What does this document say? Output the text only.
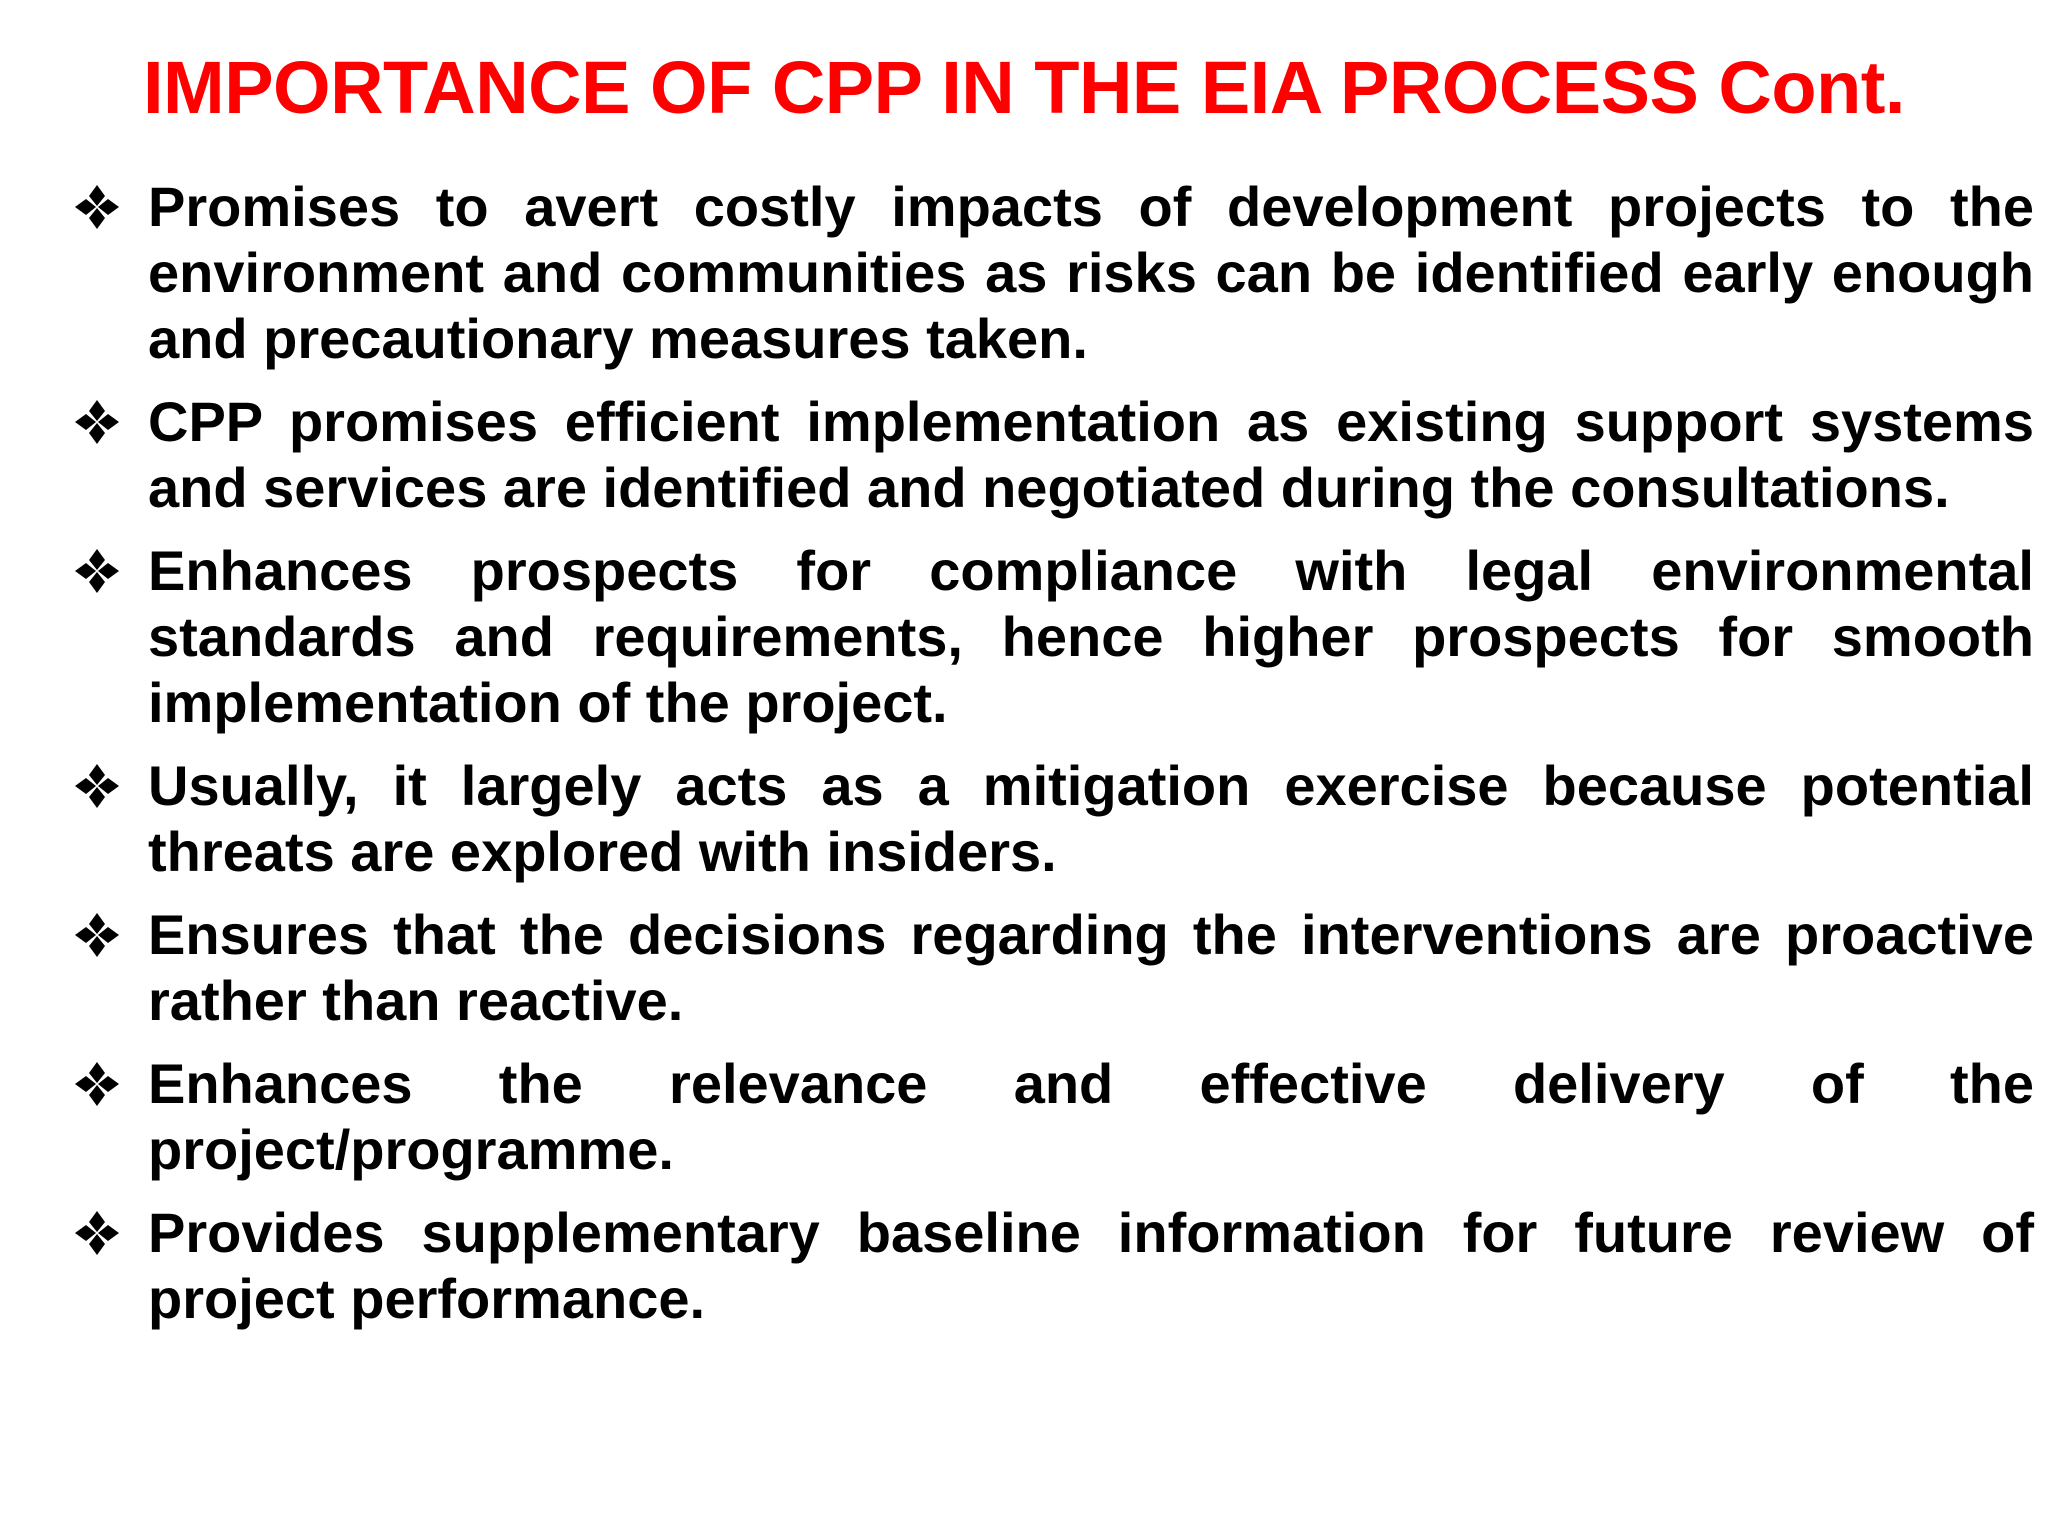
IMPORTANCE OF CPP IN THE EIA PROCESS Cont.
Promises to avert costly impacts of development projects to the environment and communities as risks can be identified early enough and precautionary measures taken.
CPP promises efficient implementation as existing support systems and services are identified and negotiated during the consultations.
Enhances prospects for compliance with legal environmental standards and requirements, hence higher prospects for smooth implementation of the project.
Usually, it largely acts as a mitigation exercise because potential threats are explored with insiders.
Ensures that the decisions regarding the interventions are proactive rather than reactive.
Enhances the relevance and effective delivery of the project/programme.
Provides supplementary baseline information for future review of project performance.
